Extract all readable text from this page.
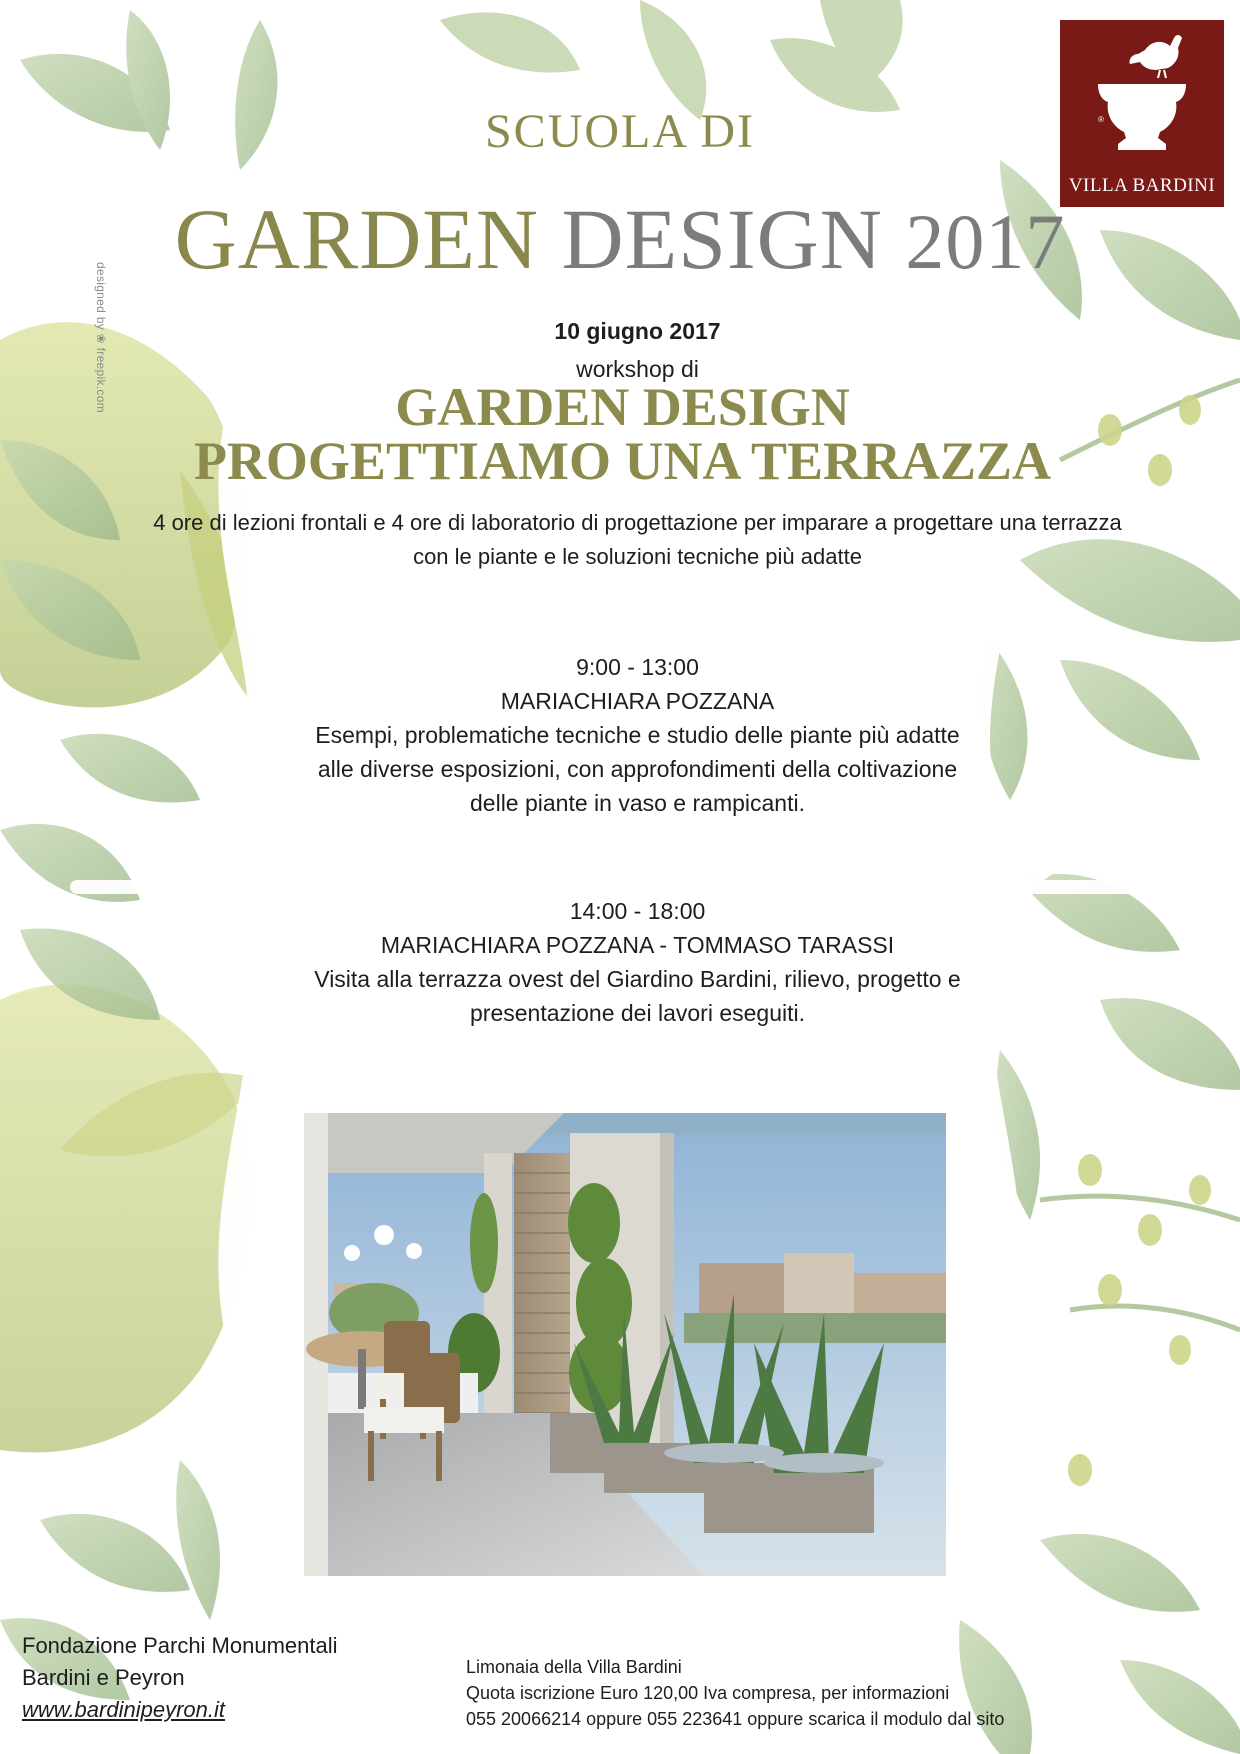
designed by ❀ freepik.com
®
VILLA BARDINI
SCUOLA DI
GARDEN DESIGN 2017
10 giugno 2017
workshop di
GARDEN DESIGN
PROGETTIAMO UNA TERRAZZA
4 ore di lezioni frontali e 4 ore di laboratorio di progettazione per imparare a progettare una terrazza
con le piante e le soluzioni tecniche più adatte
9:00 - 13:00
MARIACHIARA POZZANA
Esempi, problematiche tecniche e studio delle piante più adatte
alle diverse esposizioni, con approfondimenti della coltivazione
delle piante in vaso e rampicanti.
14:00 - 18:00
MARIACHIARA POZZANA - TOMMASO TARASSI
Visita alla terrazza ovest del Giardino Bardini, rilievo, progetto e
presentazione dei lavori eseguiti.
Fondazione Parchi Monumentali
Bardini e Peyron
www.bardinipeyron.it
Limonaia della Villa Bardini
Quota iscrizione Euro 120,00 Iva compresa, per informazioni
055 20066214 oppure 055 223641 oppure scarica il modulo dal sito
